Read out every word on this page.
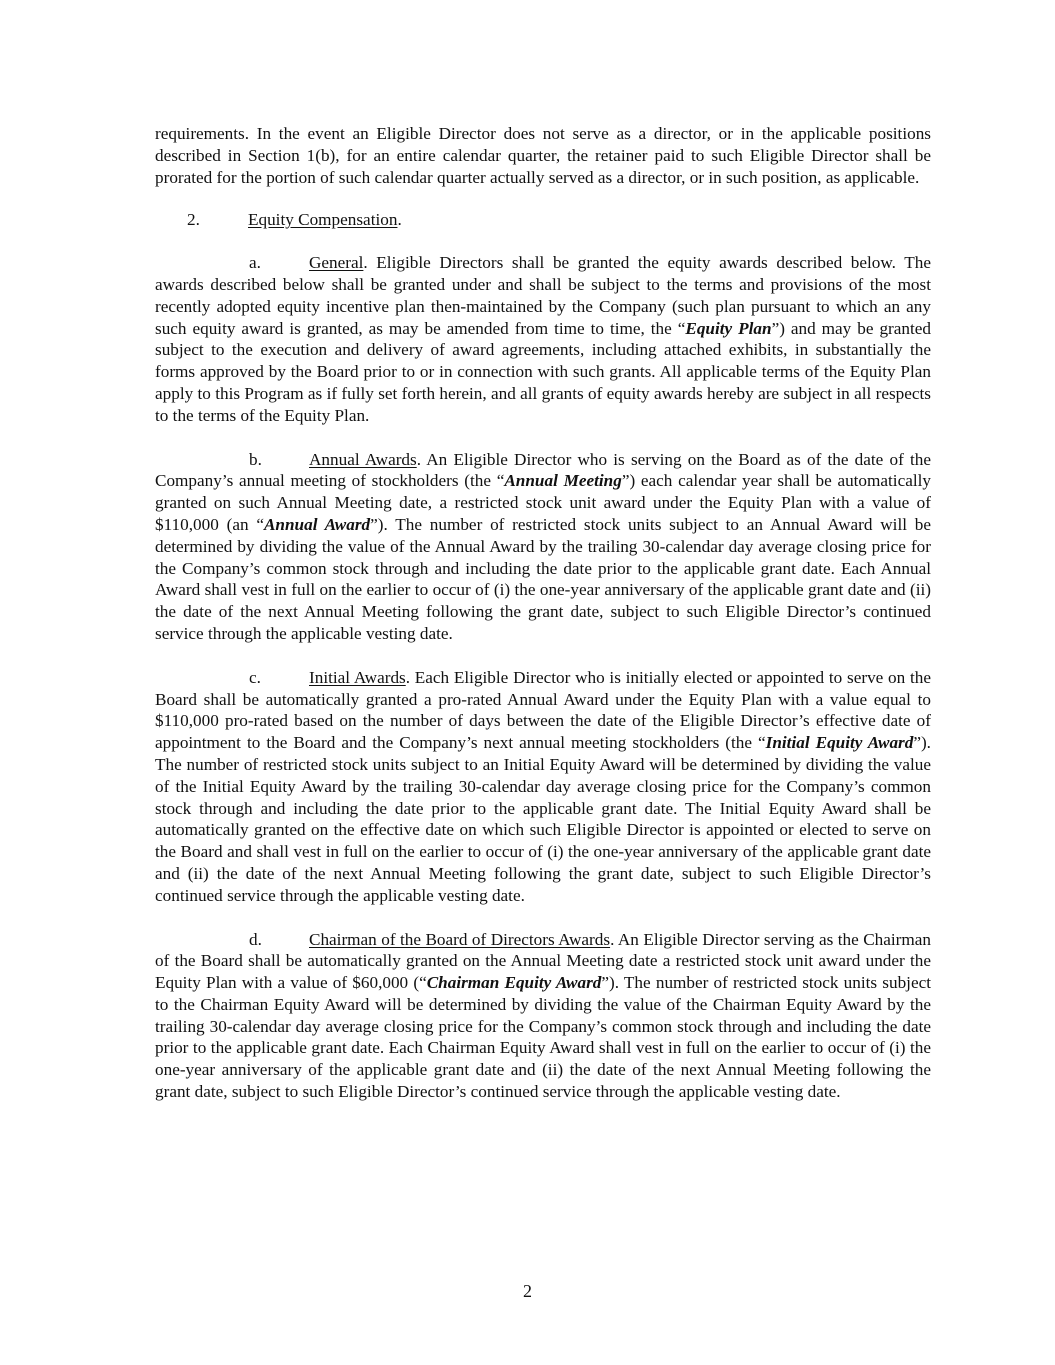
requirements. In the event an Eligible Director does not serve as a director, or in the applicable positions described in Section 1(b), for an entire calendar quarter, the retainer paid to such Eligible Director shall be prorated for the portion of such calendar quarter actually served as a director, or in such position, as applicable.

2.	Equity Compensation.

a.	General. Eligible Directors shall be granted the equity awards described below. The awards described below shall be granted under and shall be subject to the terms and provisions of the most recently adopted equity incentive plan then-maintained by the Company (such plan pursuant to which an any such equity award is granted, as may be amended from time to time, the “Equity Plan”) and may be granted subject to the execution and delivery of award agreements, including attached exhibits, in substantially the forms approved by the Board prior to or in connection with such grants. All applicable terms of the Equity Plan apply to this Program as if fully set forth herein, and all grants of equity awards hereby are subject in all respects to the terms of the Equity Plan.

b.	Annual Awards. An Eligible Director who is serving on the Board as of the date of the Company’s annual meeting of stockholders (the “Annual Meeting”) each calendar year shall be automatically granted on such Annual Meeting date, a restricted stock unit award under the Equity Plan with a value of $110,000 (an “Annual Award”). The number of restricted stock units subject to an Annual Award will be determined by dividing the value of the Annual Award by the trailing 30-calendar day average closing price for the Company’s common stock through and including the date prior to the applicable grant date. Each Annual Award shall vest in full on the earlier to occur of (i) the one-year anniversary of the applicable grant date and (ii) the date of the next Annual Meeting following the grant date, subject to such Eligible Director’s continued service through the applicable vesting date.

c.	Initial Awards. Each Eligible Director who is initially elected or appointed to serve on the Board shall be automatically granted a pro-rated Annual Award under the Equity Plan with a value equal to $110,000 pro-rated based on the number of days between the date of the Eligible Director’s effective date of appointment to the Board and the Company’s next annual meeting stockholders (the “Initial Equity Award”). The number of restricted stock units subject to an Initial Equity Award will be determined by dividing the value of the Initial Equity Award by the trailing 30-calendar day average closing price for the Company’s common stock through and including the date prior to the applicable grant date. The Initial Equity Award shall be automatically granted on the effective date on which such Eligible Director is appointed or elected to serve on the Board and shall vest in full on the earlier to occur of (i) the one-year anniversary of the applicable grant date and (ii) the date of the next Annual Meeting following the grant date, subject to such Eligible Director’s continued service through the applicable vesting date.

d.	Chairman of the Board of Directors Awards. An Eligible Director serving as the Chairman of the Board shall be automatically granted on the Annual Meeting date a restricted stock unit award under the Equity Plan with a value of $60,000 (“Chairman Equity Award”). The number of restricted stock units subject to the Chairman Equity Award will be determined by dividing the value of the Chairman Equity Award by the trailing 30-calendar day average closing price for the Company’s common stock through and including the date prior to the applicable grant date. Each Chairman Equity Award shall vest in full on the earlier to occur of (i) the one-year anniversary of the applicable grant date and (ii) the date of the next Annual Meeting following the grant date, subject to such Eligible Director’s continued service through the applicable vesting date.

2
